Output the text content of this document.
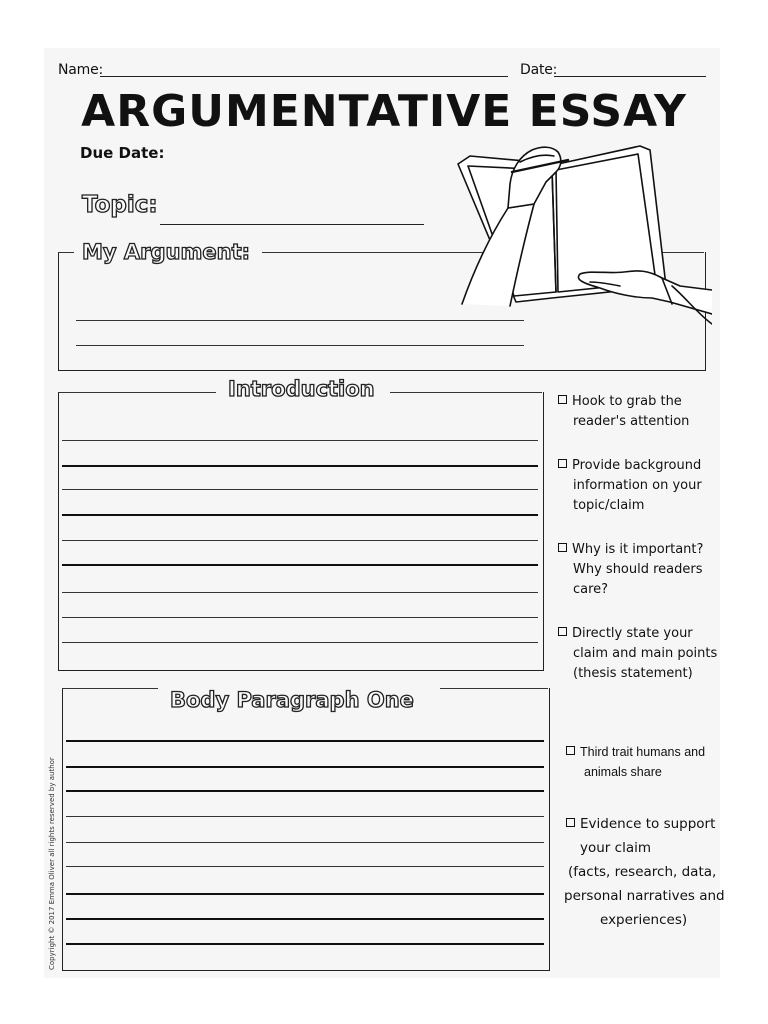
Name:	Date:
ARGUMENTATIVE ESSAY
Due Date:
Topic:
My Argument:
Introduction
Hook to grab the
reader's attention
Provide background
information on your
topic/claim
Why is it important?
Why should readers
care?
Directly state your
claim and main points
(thesis statement)
Body Paragraph One
Third trait humans and
animals share
Evidence to support
your claim
(facts, research, data,
personal narratives and
experiences)
Copyright © 2017 Emma Oliver all rights reserved by author
